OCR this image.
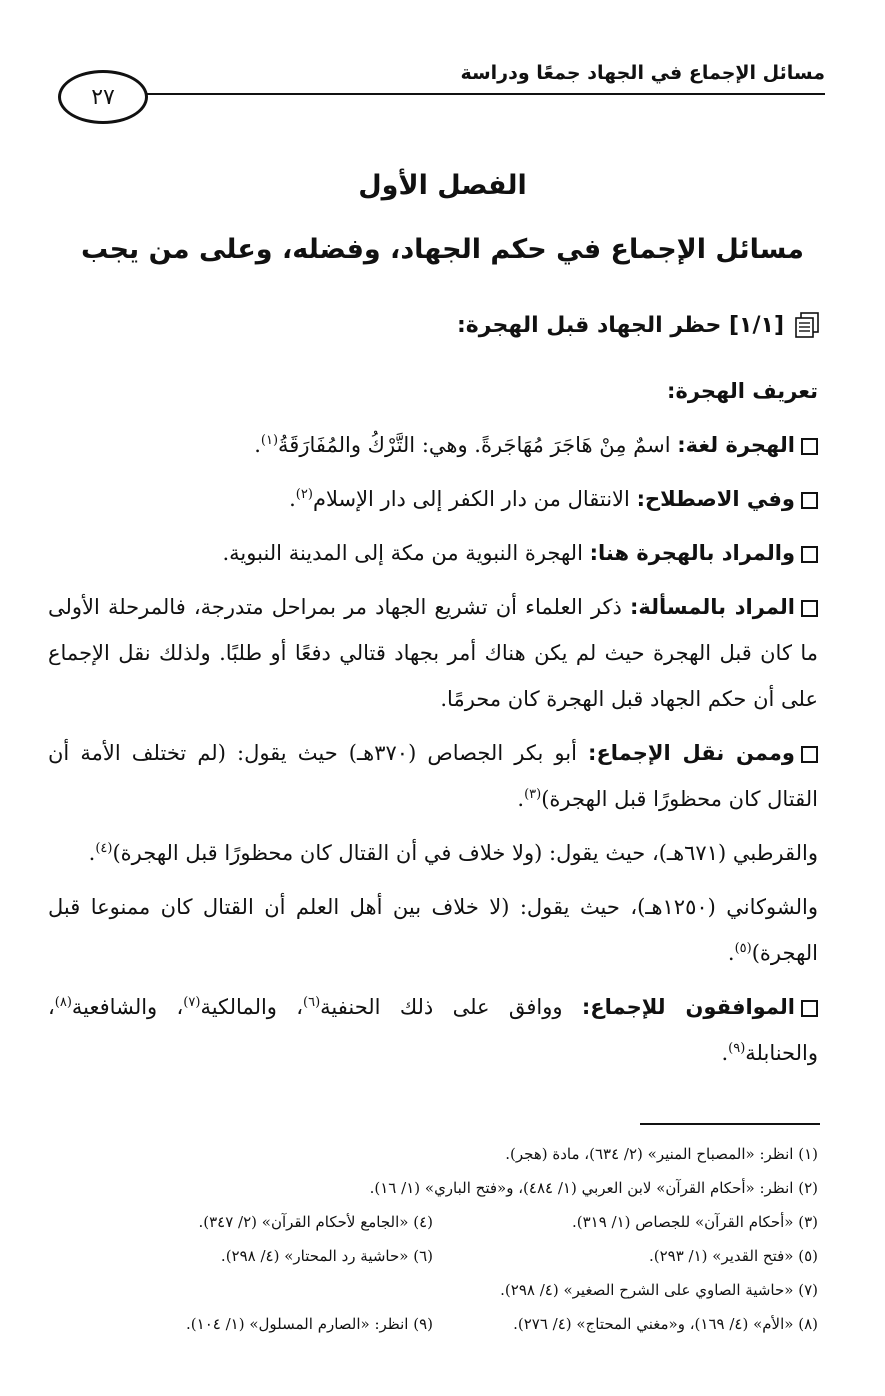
مسائل الإجماع في الجهاد جمعًا ودراسة
٢٧
الفصل الأول
مسائل الإجماع في حكم الجهاد، وفضله، وعلى من يجب
[١/١] حظر الجهاد قبل الهجرة:

تعريف الهجرة:

الهجرة لغة: اسمٌ مِنْ هَاجَرَ مُهَاجَرةً. وهي: التَّرْكُ والمُفَارَقَةُ$^{(١)}$.

وفي الاصطلاح: الانتقال من دار الكفر إلى دار الإسلام$^{(٢)}$.

والمراد بالهجرة هنا: الهجرة النبوية من مكة إلى المدينة النبوية.

المراد بالمسألة: ذكر العلماء أن تشريع الجهاد مر بمراحل متدرجة، فالمرحلة الأولى ما كان قبل الهجرة حيث لم يكن هناك أمر بجهاد قتالي دفعًا أو طلبًا. ولذلك نقل الإجماع على أن حكم الجهاد قبل الهجرة كان محرمًا.

وممن نقل الإجماع: أبو بكر الجصاص (٣٧٠هـ) حيث يقول: (لم تختلف الأمة أن القتال كان محظورًا قبل الهجرة)$^{(٣)}$.

والقرطبي (٦٧١هـ)، حيث يقول: (ولا خلاف في أن القتال كان محظورًا قبل الهجرة)$^{(٤)}$.

والشوكاني (١٢٥٠هـ)، حيث يقول: (لا خلاف بين أهل العلم أن القتال كان ممنوعا قبل الهجرة)$^{(٥)}$.

الموافقون للإجماع: ووافق على ذلك الحنفية$^{(٦)}$، والمالكية$^{(٧)}$، والشافعية$^{(٨)}$، والحنابلة$^{(٩)}$.

(١) انظر: «المصباح المنير» (٢/ ٦٣٤)، مادة (هجر).
(٢) انظر: «أحكام القرآن» لابن العربي (١/ ٤٨٤)، و«فتح الباري» (١/ ١٦).
(٣) «أحكام القرآن» للجصاص (١/ ٣١٩).
(٤) «الجامع لأحكام القرآن» (٢/ ٣٤٧).
(٥) «فتح القدير» (١/ ٢٩٣).
(٦) «حاشية رد المحتار» (٤/ ٢٩٨).
(٧) «حاشية الصاوي على الشرح الصغير» (٤/ ٢٩٨).
(٨) «الأم» (٤/ ١٦٩)، و«مغني المحتاج» (٤/ ٢٧٦).
(٩) انظر: «الصارم المسلول» (١/ ١٠٤).
